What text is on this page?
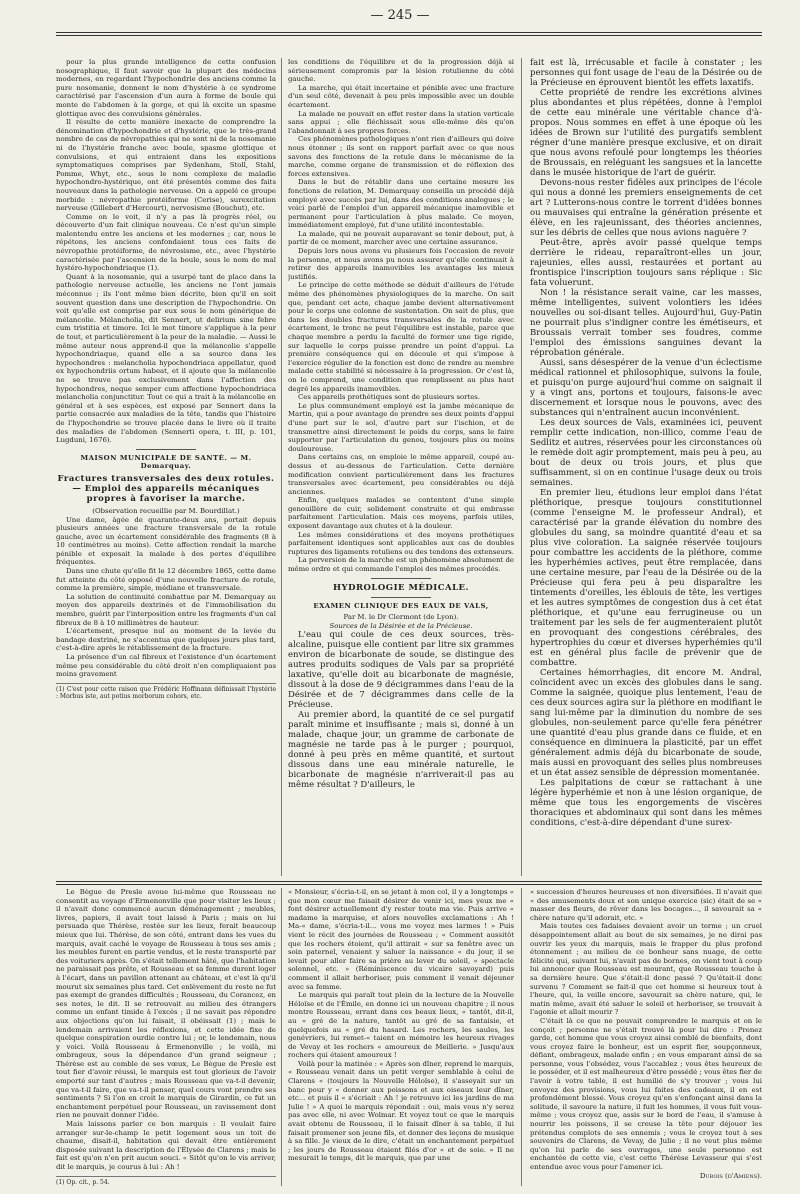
— 245 —

pour la plus grande intelligence de cette confusion nosographique, il faut savoir que la plupart des médecins modernes, en regardant l'hypochondrie des anciens comme la pure nosomanie, donnent le nom d'hystérie à ce syndrome caractérisé par l'ascension d'un aura à forme de boule qui monte de l'abdomen à la gorge, et qui là excite un spasme glottique avec des convulsions générales.

Il résulte de cette manière inexacte de comprendre la dénomination d'hypochondrie et d'hystérie, que le très-grand nombre de cas de névropathies qui ne sont ni de la nosomanie ni de l'hystérie franche avec boule, spasme glottique et convulsions, et qui entraient dans les expositions symptomatiques comprises par Sydenham, Stoll, Stahl, Pomme, Whyt, etc., sous le nom complexe de maladie hypochondro-hystérique, ont été présentés comme des faits nouveaux dans la pathologie nerveuse. On a appelé ce groupe morbide : névropathie protéiforme (Cerise), surexcitation nerveuse (Gillebert d'Hercourt), nervosisme (Bouchut), etc.

Comme on le voit, il n'y a pas là progrès réel, ou découverte d'un fait clinique nouveau. Ce n'est qu'un simple malentendu entre les anciens et les modernes ; car, nous le répétons, les anciens confondaient tous ces faits de névropathie protéiforme, de névrosisme, etc., avec l'hystérie caractérisée par l'ascension de la boule, sous le nom de mal hystéro-hypochondriaque (1).

Quant à la nosomanie, qui a usurpé tant de place dans la pathologie nerveuse actuelle, les anciens ne l'ont jamais méconnue ; ils l'ont même bien décrite, bien qu'il en soit souvent question dans une description de l'hypochondrie. On voit qu'elle est comprise par eux sous le nom générique de mélancolie. Mélancholia, dit Sennert, ut delirium sine febre cum tristitia et timore. Ici le mot timore s'applique à la peur de tout, et particulièrement à la peur de la maladie. — Aussi le même auteur nous apprend-il que la mélancolie s'appelle hypochondriaque, quand elle a sa source dans les hypochondres : melancholia hypochondriaca appellatur, quod ex hypochondriis ortum habeat, et il ajoute que la mélancolie ne se trouve pas exclusivement dans l'affection des hypochondres, neque semper cum affectione hypochondriaca melancholia conjunctitur. Tout ce qui a trait à la mélancolie en général et à ses espèces, est exposé par Sennert dans la partie consacrée aux maladies de la tête, tandis que l'histoire de l'hypochondrie se trouve placée dans le livre où il traite des maladies de l'abdomen (Sennerti opera, t. III, p. 101, Lugduni, 1676).

MAISON MUNICIPALE DE SANTÉ. — M. Demarquay.
Fractures transversales des deux rotules. — Emploi des appareils mécaniques propres à favoriser la marche.
(Observation recueillie par M. Bourdillat.)

Une dame, âgée de quarante-deux ans, portait depuis plusieurs années une fracture transversale de la rotule gauche, avec un écartement considérable des fragments (8 à 10 centimètres au moins). Cette affection rendait la marche pénible et exposait la malade à des pertes d'équilibre fréquentes.

Dans une chute qu'elle fit le 12 décembre 1865, cette dame fut atteinte du côté opposé d'une nouvelle fracture de rotule, comme la première, simple, médiane et transversale.

La solution de continuité combattue par M. Demarquay au moyen des appareils dextrinés et de l'immobilisation du membre, guérit par l'interposition entre les fragments d'un cal fibreux de 8 à 10 millimètres de hauteur.

L'écartement, presque nul au moment de la levée du bandage dextriné, ne s'accentua que quelques jours plus tard, c'est-à-dire après le rétablissement de la fracture.

La présence d'un cal fibreux et l'existence d'un écartement même peu considérable du côté droit n'en compliquaient pas moins gravement

(1) C'est pour cette raison que Frédéric Hoffmann définissait l'hystérie : Morbus iste, aut potius morborum cohors, etc.

les conditions de l'équilibre et de la progression déjà si sérieusement compromis par la lésion rotulienne du côté gauche.

La marche, qui était incertaine et pénible avec une fracture d'un seul côté, devenait à peu près impossible avec un double écartement.

La malade ne pouvait en effet rester dans la station verticale sans appui ; elle fléchissait sous elle-même dès qu'on l'abandonnait à ses propres forces.

Ces phénomènes pathologiques n'ont rien d'ailleurs qui doive nous étonner ; ils sont en rapport parfait avec ce que nous savons des fonctions de la rotule dans le mécanisme de la marche, comme organe de transmission et de réflexion des forces extensives.

Dans le but de rétablir dans une certaine mesure les fonctions de relation, M. Demarquay conseilla un procédé déjà employé avec succès par lui, dans des conditions analogues ; le voici parlé de l'emploi d'un appareil mécanique inamovible et permanent pour l'articulation à plus malade. Ce moyen, immédiatement employé, fut d'une utilité incontestable.

La malade, qui ne pouvait auparavant se tenir debout, put, à partir de ce moment, marcher avec une certaine assurance.

Depuis lors nous avons vu plusieurs fois l'occasion de revoir la personne, et nous avons pu nous assurer qu'elle continuait à retirer des appareils inamovibles les avantages les mieux justifiés.

Le principe de cette méthode se déduit d'ailleurs de l'étude même des phénomènes physiologiques de la marche. On sait que, pendant cet acte, chaque jambe devient alternativement pour le corps une colonne de sustentation. On sait de plus, que dans les doubles fractures transversales de la rotule avec écartement, le tronc ne peut l'équilibre est instable, parce que chaque membre a perdu la faculté de former une tige rigide, sur laquelle le corps puisse prendre un point d'appui. La première conséquence qui en découle et qui s'impose à l'exercice régulier de la fonction est donc de rendre au membre malade cette stabilité si nécessaire à la progression. Or c'est là, on le comprend, une condition que remplissent au plus haut degré les appareils inamovibles.

Ces appareils prothétiques sont de plusieurs sortes.

Le plus communément employé est la jambe mécanique de Martin, qui a pour avantage de prendre ses deux points d'appui d'une part sur le sol, d'autre part sur l'ischion, et de transmettre ainsi directement le poids du corps, sans le faire supporter par l'articulation du genou, toujours plus ou moins douloureuse.

Dans certains cas, on emploie le même appareil, coupé au-dessus et au-dessous de l'articulation. Cette dernière modification convient particulièrement dans les fractures transversales avec écartement, peu considérables ou déjà anciennes.

Enfin, quelques malades se contentent d'une simple genouillère de cuir, solidement construite et qui embrasse parfaitement l'articulation. Mais ces moyens, parfois utiles, exposent davantage aux chutes et à la douleur.

Les mêmes considérations et des moyens prothétiques parfaitement identiques sont applicables aux cas de doubles ruptures des ligaments rotuliens ou des tendons des extenseurs.

La perversion de la marche est un phénomène absolument de même ordre et qui commande l'emploi des mêmes procédés.

HYDROLOGIE MÉDICALE.
EXAMEN CLINIQUE DES EAUX DE VALS,
Par M. le Dr Clermont (de Lyon).
Sources de la Désirée et de la Précieuse.

L'eau qui coule de ces deux sources, très-alcaline, puisque elle contient par litre six grammes environ de bicarbonate de soude, se distingue des autres produits sodiques de Vals par sa propriété laxative, qu'elle doit au bicarbonate de magnésie, dissout à la dose de 9 décigrammes dans l'eau de la Désirée et de 7 décigrammes dans celle de la Précieuse.

Au premier abord, la quantité de ce sel purgatif paraît minime et insuffisante ; mais si, donné à un malade, chaque jour, un gramme de carbonate de magnésie ne tarde pas à le purger ; pourquoi, donné à peu près en même quantité, et surtout dissous dans une eau minérale naturelle, le bicarbonate de magnésie n'arriverait-il pas au même résultat ? D'ailleurs, le

fait est là, irrécusable et facile à constater ; les personnes qui font usage de l'eau de la Désirée ou de la Précieuse en éprouvent bientôt les effets laxatifs.

Cette propriété de rendre les excrétions alvines plus abondantes et plus répétées, donne à l'emploi de cette eau minérale une véritable chance d'à-propos. Nous sommes en effet à une époque où les idées de Brown sur l'utilité des purgatifs semblent régner d'une manière presque exclusive, et on dirait que nous avons refoulé pour longtemps les théories de Broussais, en reléguant les sangsues et la lancette dans le musée historique de l'art de guérir.

Devons-nous rester fidèles aux principes de l'école qui nous a donné les premiers enseignements de cet art ? Lutterons-nous contre le torrent d'idées bonnes ou mauvaises qui entraîne la génération présente et élève, en les rajeunissant, des théories anciennes, sur les débris de celles que nous avions naguère ?

Peut-être, après avoir passé quelque temps derrière le rideau, reparaîtront-elles un jour, rajeunies, elles aussi, restaurées et portant au frontispice l'inscription toujours sans réplique : Sic fata voluerunt.

Non ! la résistance serait vaine, car les masses, même intelligentes, suivent volontiers les idées nouvelles ou soi-disant telles. Aujourd'hui, Guy-Patin ne pourrait plus s'indigner contre les émétiseurs, et Broussais verrait tomber ses foudres, comme l'emploi des émissions sanguines devant la réprobation générale.

Aussi, sans désespérer de la venue d'un éclectisme médical rationnel et philosophique, suivons la foule, et puisqu'on purge aujourd'hui comme on saignait il y a vingt ans, portons et toujours, faisons-le avec discernement et lorsque nous le pouvons, avec des substances qui n'entraînent aucun inconvénient.

Les deux sources de Vals, examinées ici, peuvent remplir cette indication, non-illico, comme l'eau de Sedlitz et autres, réservées pour les circonstances où le remède doit agir promptement, mais peu à peu, au bout de deux ou trois jours, et plus que suffisamment, si on en continue l'usage deux ou trois semaines.

En premier lieu, étudions leur emploi dans l'état pléthorique, presque toujours constitutionnel (comme l'enseigne M. le professeur Andral), et caractérisé par la grande élévation du nombre des globules du sang, sa moindre quantité d'eau et sa plus vive coloration. La saignée réservée toujours pour combattre les accidents de la pléthore, comme les hyperhémies actives, peut être remplacée, dans une certaine mesure, par l'eau de la Désirée ou de la Précieuse qui fera peu à peu disparaître les tintements d'oreilles, les éblouis de tête, les vertiges et les autres symptômes de congestion dus à cet état pléthorique, et qu'une eau ferrugineuse ou un traitement par les sels de fer augmenteraient plutôt en provoquant des congestions cérébrales, des hypertrophies du cœur et diverses hyperhémies qu'il est en général plus facile de prévenir que de combattre.

Certaines hémorrhagies, dit encore M. Andral, coïncident avec un excès des globules dans le sang. Comme la saignée, quoique plus lentement, l'eau de ces deux sources agira sur la pléthore en modifiant le sang lui-même par la diminution du nombre de ses globules, non-seulement parce qu'elle fera pénétrer une quantité d'eau plus grande dans ce fluide, et en conséquence en diminuera la plasticité, par un effet généralement admis déjà du bicarbonate de soude, mais aussi en provoquant des selles plus nombreuses et un état assez sensible de dépression momentanée.

Les palpitations de cœur se rattachant à une légère hyperhémie et non à une lésion organique, de même que tous les engorgements de viscères thoraciques et abdominaux qui sont dans les mêmes conditions, c'est-à-dire dépendant d'une surex-

Le Bègue de Presle avoue lui-même que Rousseau ne consentit au voyage d'Ermenonville que pour visiter les lieux ; il n'avait donc commencé aucun déménagement ; meubles, livres, papiers, il avait tout laissé à Paris ; mais on lui persuada que Thérèse, restée sur les lieux, ferait beaucoup mieux que lui. Thérèse, de son côté, entrant dans les vues du marquis, avait caché le voyage de Rousseau à tous ses amis ; les meubles furent en partie vendus, et le reste transporté par des voituriers après. On s'était tellement hâté, que l'habitation ne paraissait pas prête, et Rousseau et sa femme durent loger à l'écart, dans un pavillon attenant au château, et c'est là qu'il mourut six semaines plus tard. Cet enlèvement du reste ne fut pas exempt de grandes difficultés ; Rousseau, du Corancez, en ses notes, le dit. Il se retrouvait au milieu des étrangers comme un enfant timide à l'excès ; il ne savait pas répondre aux objections qu'on lui faisait, il obéissait (1) ; mais le lendemain arrivaient les réflexions, et cette idée fixe de quelque conspiration ourdie contre lui ; or, le lendemain, nous y voici. Voilà Rousseau à Ermenonville ; le voilà, mi ombrageux, sous la dépendance d'un grand seigneur ; Thérèse est au comble de ses vœux, Le Bègue de Presle est tout fier d'avoir réussi, le marquis est tout glorieux de l'avoir emporté sur tant d'autres ; mais Rousseau que va-t-il devenir, que va-t-il faire, que va-t-il penser, quel cours vont prendre ses sentiments ? Si l'on en croit le marquis de Girardin, ce fut un enchantement perpétuel pour Rousseau, un ravissement dont rien ne pouvait donner l'idée.

Mais laissons parler ce bon marquis : Il voulait faire arranger sur-le-champ le petit logement sous un toit de chaume, disait-il, habitation qui devait être entièrement disposée suivant la description de l'Élysée de Clarens ; mais le fait est qu'on n'en prit aucun souci. « Sitôt qu'on le vis arriver, dit le marquis, je courus à lui : Ah !

(1) Op. cit., p. 54.

« Monsieur, s'écria-t-il, en se jetant à mon col, il y a longtemps « que mon cœur me faisait désirer de venir ici, mes yeux me « font désirer actuellement d'y rester toute ma vie. Puis arrive « madame la marquise, et alors nouvelles exclamations : Ah ! Ma-« dame, s'écria-t-il... vous me voyez mes larmes ! » Puis vient le récit des journées de Rousseau ; « Comment aussitôt que les rochers étoient, qu'il attirait « sur sa fenêtre avec un soin paternel, venaient y saluer la naissance « du jour, il se levait pour aller faire sa prière au lever du soleil, « spectacle solennel, etc. » (Réminiscence du vicaire savoyard) puis comment il allait herboriser, puis comment il venait déjeuner avec sa femme.

Le marquis qui paraît tout plein de la lecture de la Nouvelle Héloïse et de l'Émile, en donne ici un nouveau chapitre ; il nous montre Rousseau, errant dans ces beaux lieux, « tantôt, dit-il, au « gré de la nature, tantôt au gré de sa fantaisie, et quelquefois au « gré du hasard. Les rochers, les saules, les genévriers, lui remet-« taient en mémoire les heureux rivages de Vevay et les rochers « amoureux de Meillerie. » Jusqu'aux rochers qui étaient amoureux !

Voilà pour la matinée : « Après son dîner, reprend le marquis, « Rousseau venait dans un petit verger semblable à celui de Clarens « (toujours la Nouvelle Héloïse), il s'asseyait sur un banc pour y « donner aux poissons et aux oiseaux leur dîner, etc... et puis il « s'écriait : Ah ! je retrouve ici les jardins de ma Julie ! » A quoi le marquis répondait : oui, mais vous n'y serez pas avec elle, ni avec Wolmar. Et voyez tout ce que le marquis avait obtenu de Rousseau, il le faisait dîner à sa table, il lui faisait promener son jeune fils, et donner des leçons de musique à sa fille. Je vieux de le dire, c'était un enchantement perpétuel ; les jours de Rousseau étaient filés d'or « et de soie. » Il ne mesurait le temps, dit le marquis, que par une

« succession d'heures heureuses et non diversifiées. Il n'avait que « des amusements doux et son unique exercice (sic) était de se « masser des fleurs, de rêver dans les bocages..., il savourait sa « chère nature qu'il adorait, etc. »

Mais toutes ces fadaises devaient avoir un terme ; un cruel désappointement allait au bout de six semaines, je ne dirai pas ouvrir les yeux du marquis, mais le frapper du plus profond étonnement ; au milieu de ce bonheur sans nuage, de cette félicité qui, suivant lui, n'avait pas de bornes, on vient tout à coup lui annoncer que Rousseau est mourant, que Rousseau touche à sa dernière heure. Que s'était-il donc passé ? Qu'était-il donc survenu ? Comment se fait-il que cet homme si heureux tout à l'heure, qui, la veille encore, savourait sa chère nature, qui, le matin même, avait été saluer le soleil et herboriser, se trouvait à l'agonie et allait mourir ?

C'était là ce que ne pouvait comprendre le marquis et on le conçoit ; personne ne s'était trouvé là pour lui dire : Prenez garde, cet homme que vous croyez ainsi comblé de bienfaits, dont vous croyez faire le bonheur, est un esprit fier, soupçonneux, défiant, ombrageux, malade enfin ; en vous emparant ainsi de sa personne, vous l'obsédez, vous l'accablez ; vous êtes heureux de le posséder, et il est malheureux d'être possédé ; vous êtes fier de l'avoir à votre table, il est humilié de s'y trouver ; vous lui envoyez des provisions, vous lui faites des cadeaux, il en est profondément blessé. Vous croyez qu'en s'enfonçant ainsi dans la solitude, il savoure la nature, il fuit les hommes, il vous fuit vous-même ; vous croyez que, assis sur le bord de l'eau, il s'amuse à nourrir les poissons, il se creuse la tête pour déjouer les prétendus complots de ses ennemis ; vous le croyez tout à ses souvenirs de Clarens, de Vevay, de Julie ; il ne veut plus même qu'on lui parle de ses ouvrages, une seule personne est enchantée de cette vie, c'est cette Thérèse Levasseur qui s'est entendue avec vous pour l'amener ici.

Dubois (d'Amiens).
